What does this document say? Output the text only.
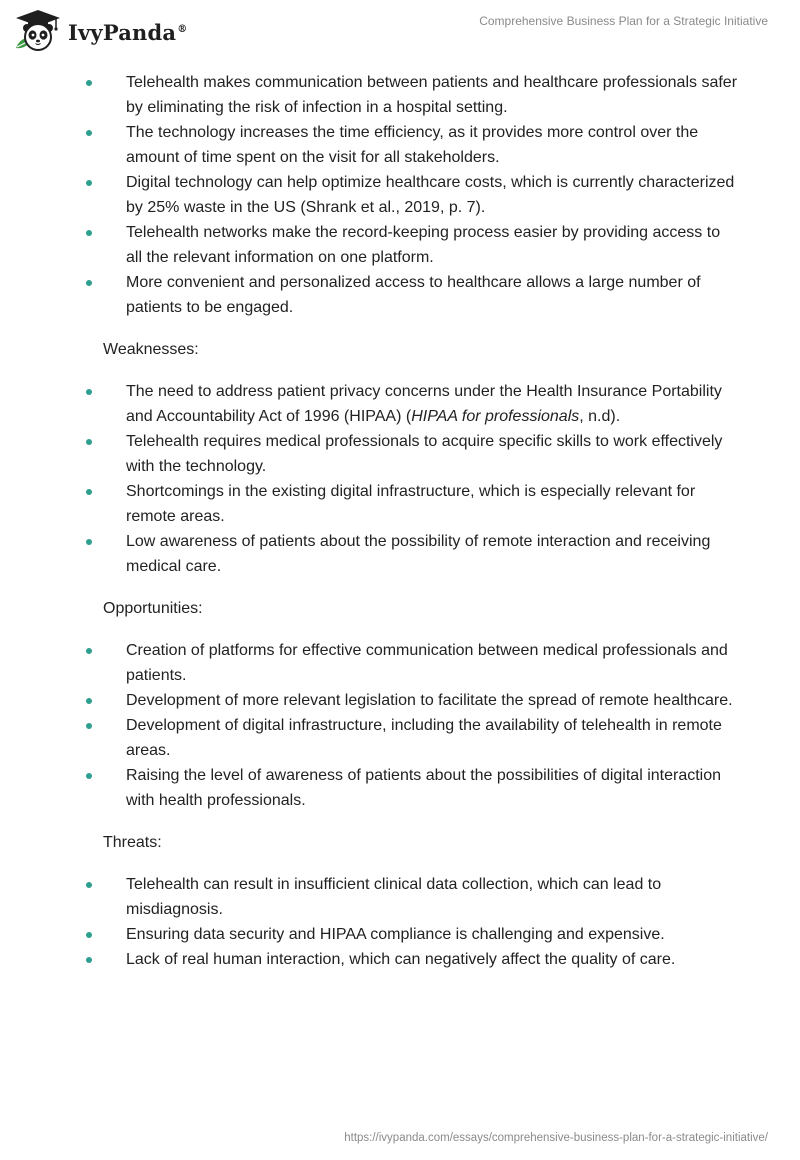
IvyPanda®
Comprehensive Business Plan for a Strategic Initiative
Telehealth makes communication between patients and healthcare professionals safer by eliminating the risk of infection in a hospital setting.
The technology increases the time efficiency, as it provides more control over the amount of time spent on the visit for all stakeholders.
Digital technology can help optimize healthcare costs, which is currently characterized by 25% waste in the US (Shrank et al., 2019, p. 7).
Telehealth networks make the record-keeping process easier by providing access to all the relevant information on one platform.
More convenient and personalized access to healthcare allows a large number of patients to be engaged.
Weaknesses:
The need to address patient privacy concerns under the Health Insurance Portability and Accountability Act of 1996 (HIPAA) (HIPAA for professionals, n.d).
Telehealth requires medical professionals to acquire specific skills to work effectively with the technology.
Shortcomings in the existing digital infrastructure, which is especially relevant for remote areas.
Low awareness of patients about the possibility of remote interaction and receiving medical care.
Opportunities:
Creation of platforms for effective communication between medical professionals and patients.
Development of more relevant legislation to facilitate the spread of remote healthcare.
Development of digital infrastructure, including the availability of telehealth in remote areas.
Raising the level of awareness of patients about the possibilities of digital interaction with health professionals.
Threats:
Telehealth can result in insufficient clinical data collection, which can lead to misdiagnosis.
Ensuring data security and HIPAA compliance is challenging and expensive.
Lack of real human interaction, which can negatively affect the quality of care.
https://ivypanda.com/essays/comprehensive-business-plan-for-a-strategic-initiative/
